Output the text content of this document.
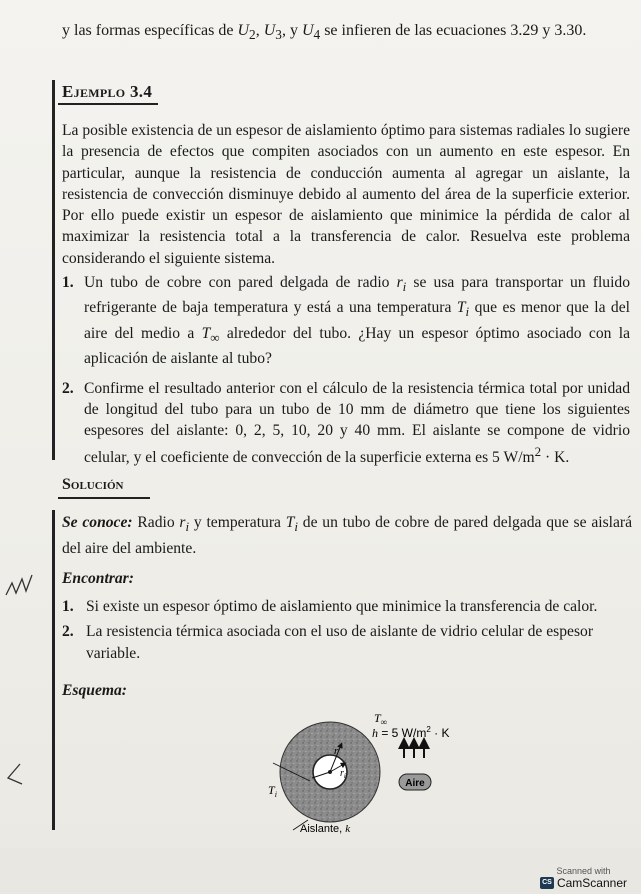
y las formas específicas de $U_2$, $U_3$, y $U_4$ se infieren de las ecuaciones 3.29 y 3.30.
Ejemplo 3.4
La posible existencia de un espesor de aislamiento óptimo para sistemas radiales lo sugiere la presencia de efectos que compiten asociados con un aumento en este espesor. En particular, aunque la resistencia de conducción aumenta al agregar un aislante, la resistencia de convección disminuye debido al aumento del área de la superficie exterior. Por ello puede existir un espesor de aislamiento que minimice la pérdida de calor al maximizar la resistencia total a la transferencia de calor. Resuelva este problema considerando el siguiente sistema.
1. Un tubo de cobre con pared delgada de radio $r_i$ se usa para transportar un fluido refrigerante de baja temperatura y está a una temperatura $T_i$ que es menor que la del aire del medio a $T_\infty$ alrededor del tubo. ¿Hay un espesor óptimo asociado con la aplicación de aislante al tubo?
2. Confirme el resultado anterior con el cálculo de la resistencia térmica total por unidad de longitud del tubo para un tubo de 10 mm de diámetro que tiene los siguientes espesores del aislante: 0, 2, 5, 10, 20 y 40 mm. El aislante se compone de vidrio celular, y el coeficiente de convección de la superficie externa es 5 $W/m^2 \cdot K$.
Solución
Se conoce: Radio $r_i$ y temperatura $T_i$ de un tubo de cobre de pared delgada que se aislará del aire del ambiente.
Encontrar:
1. Si existe un espesor óptimo de aislamiento que minimice la transferencia de calor.
2. La resistencia térmica asociada con el uso de aislante de vidrio celular de espesor variable.
Esquema:
r
$r_i$
$T_i$
$T_\infty$
h = 5 $W/m^2 \cdot K$
Aire
Aislante, k
Scanned with
CS CamScanner
